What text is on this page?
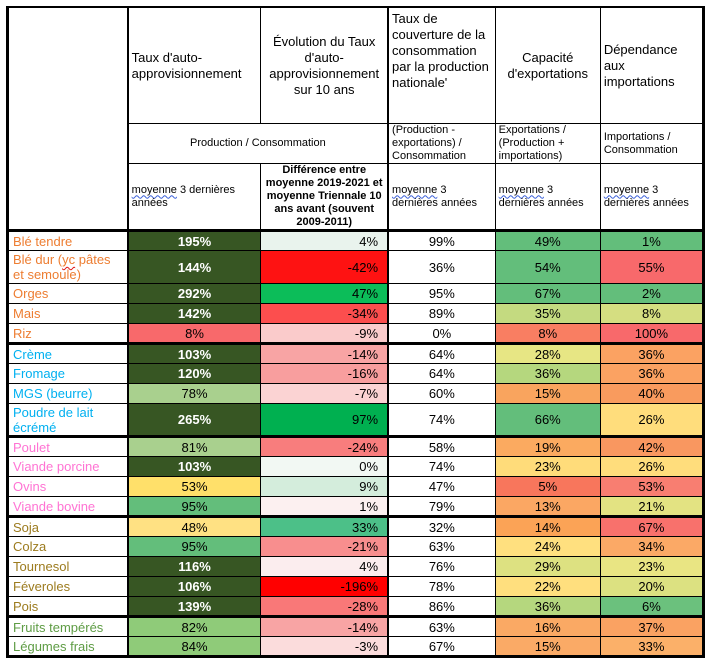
	Taux d'auto-approvisionnement	Évolution du Taux d'auto-approvisionnement sur 10 ans	Taux de couverture de la consommation par la production nationale'	Capacité d'exportations	Dépendance aux importations
	Production / Consommation		(Production - exportations) / Consommation	Exportations / (Production + importations)	Importations / Consommation
	moyenne 3 dernières années	Différence entre moyenne 2019-2021 et moyenne Triennale 10 ans avant (souvent 2009-2011)	moyenne 3 dernières années	moyenne 3 dernières années	moyenne 3 dernières années
Blé tendre	195%	4%	99%	49%	1%
Blé dur (yc pâtes et semoule)	144%	-42%	36%	54%	55%
Orges	292%	47%	95%	67%	2%
Mais	142%	-34%	89%	35%	8%
Riz	8%	-9%	0%	8%	100%
Crème	103%	-14%	64%	28%	36%
Fromage	120%	-16%	64%	36%	36%
MGS (beurre)	78%	-7%	60%	15%	40%
Poudre de lait écrémé	265%	97%	74%	66%	26%
Poulet	81%	-24%	58%	19%	42%
Viande porcine	103%	0%	74%	23%	26%
Ovins	53%	9%	47%	5%	53%
Viande bovine	95%	1%	79%	13%	21%
Soja	48%	33%	32%	14%	67%
Colza	95%	-21%	63%	24%	34%
Tournesol	116%	4%	76%	29%	23%
Féveroles	106%	-196%	78%	22%	20%
Pois	139%	-28%	86%	36%	6%
Fruits tempérés	82%	-14%	63%	16%	37%
Légumes frais	84%	-3%	67%	15%	33%
